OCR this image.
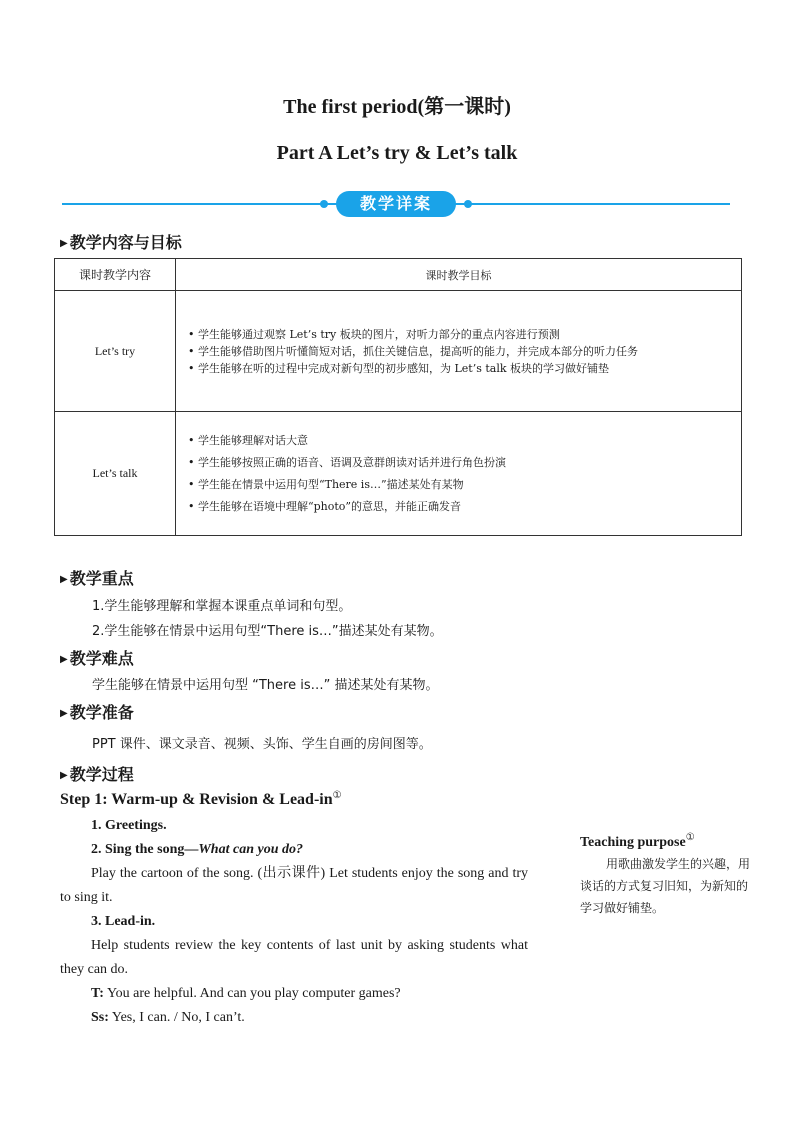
The first period(第一课时)
Part A Let’s try & Let’s talk
教学详案
▶ 教学内容与目标
课时教学内容	课时教学目标
Let’s try	• 学生能够通过观察 Let’s try 板块的图片，对听力部分的重点内容进行预测
• 学生能够借助图片听懂简短对话，抓住关键信息，提高听的能力，并完成本部分的听力任务
• 学生能够在听的过程中完成对新句型的初步感知，为 Let’s talk 板块的学习做好铺垫

Let’s talk	• 学生能够理解对话大意
• 学生能够按照正确的语音、语调及意群朗读对话并进行角色扮演
• 学生能在情景中运用句型“There is…”描述某处有某物
• 学生能够在语境中理解“photo”的意思，并能正确发音
▶ 教学重点
1.学生能够理解和掌握本课重点单词和句型。
2.学生能够在情景中运用句型“There is…”描述某处有某物。
▶ 教学难点
学生能够在情景中运用句型 “There is…” 描述某处有某物。
▶ 教学准备
PPT 课件、课文录音、视频、头饰、学生自画的房间图等。
▶ 教学过程
Step 1: Warm-up & Revision & Lead-in①
1. Greetings.
2. Sing the song—What can you do?
Play the cartoon of the song. (出示课件) Let students enjoy the song and try to sing it.
3. Lead-in.
Help students review the key contents of last unit by asking students what they can do.
T: You are helpful. And can you play computer games?
Ss: Yes, I can. / No, I can’t.
Teaching purpose①
用歌曲激发学生的兴趣，用谈话的方式复习旧知，为新知的学习做好铺垫。
